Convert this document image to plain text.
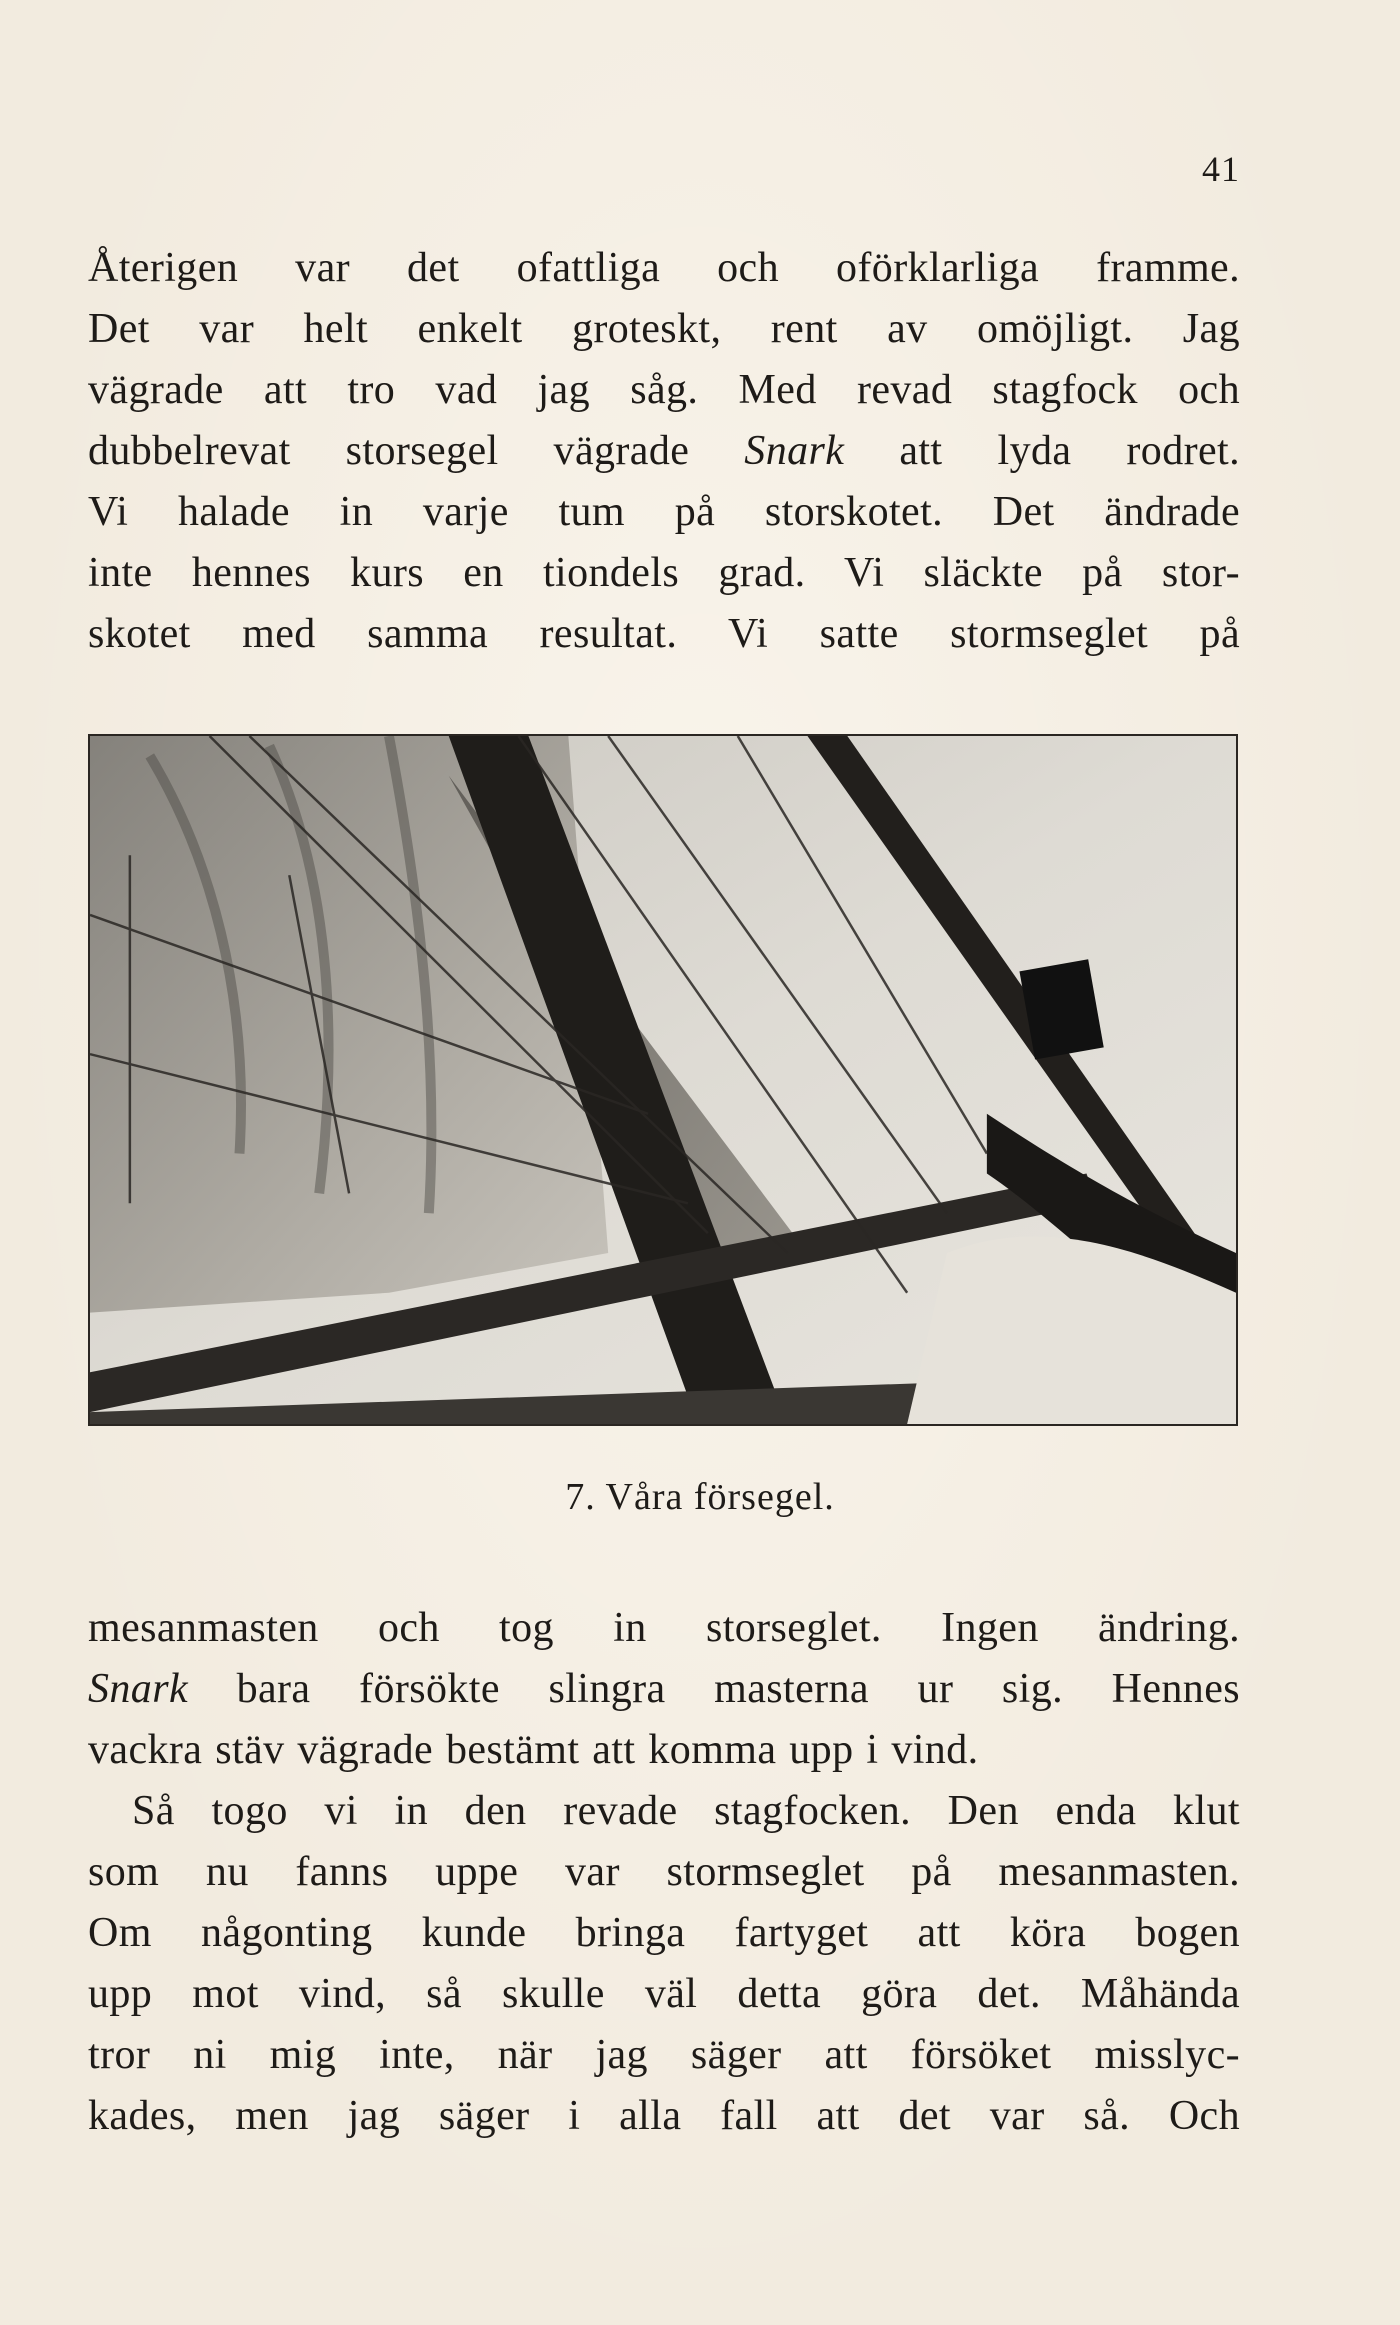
41
Återigen var det ofattliga och oförklarliga framme.
Det var helt enkelt groteskt, rent av omöjligt. Jag
vägrade att tro vad jag såg. Med revad stagfock och
dubbelrevat storsegel vägrade Snark att lyda rodret.
Vi halade in varje tum på storskotet. Det ändrade
inte hennes kurs en tiondels grad. Vi släckte på stor-
skotet med samma resultat. Vi satte stormseglet på
7. Våra försegel.
mesanmasten och tog in storseglet. Ingen ändring.
Snark bara försökte slingra masterna ur sig. Hennes
vackra stäv vägrade bestämt att komma upp i vind.
Så togo vi in den revade stagfocken. Den enda klut
som nu fanns uppe var stormseglet på mesanmasten.
Om någonting kunde bringa fartyget att köra bogen
upp mot vind, så skulle väl detta göra det. Måhända
tror ni mig inte, när jag säger att försöket misslyc-
kades, men jag säger i alla fall att det var så. Och
